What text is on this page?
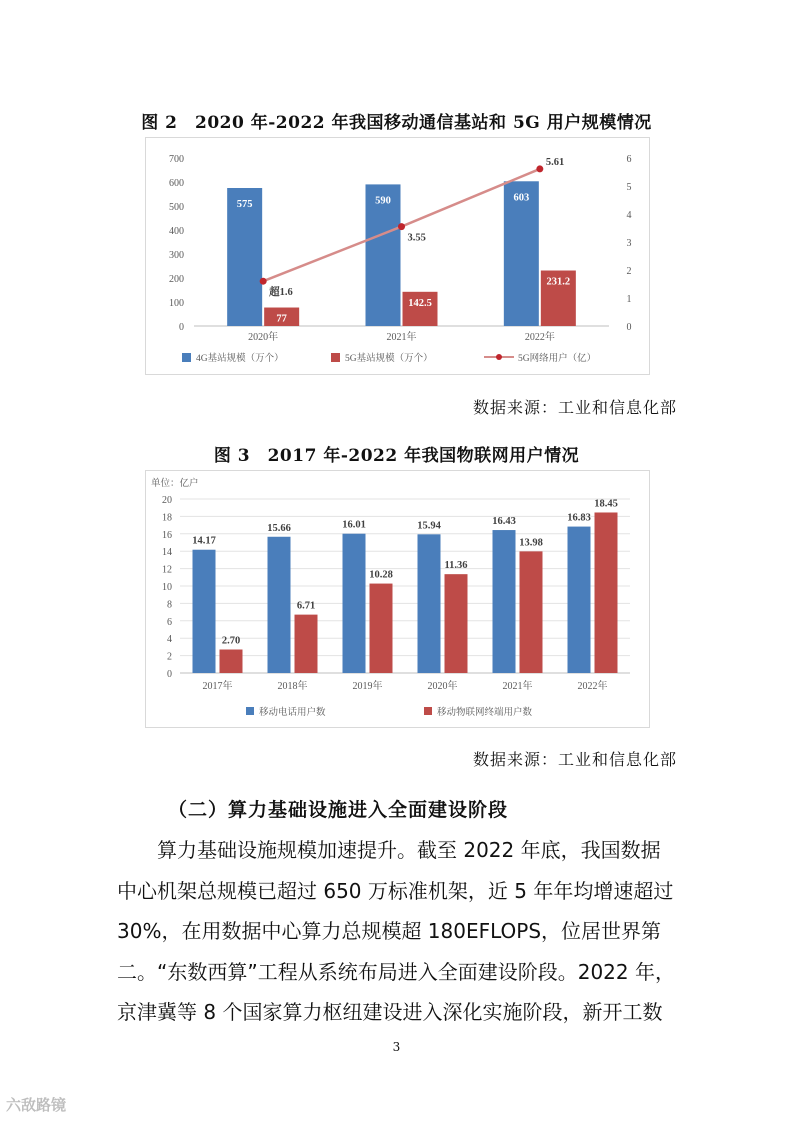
图 2　2020 年-2022 年我国移动通信基站和 5G 用户规模情况
0
100
200
300
400
500
600
700
0
1
2
3
4
5
6
2020年
575
77
2021年
590
142.5
2022年
603
231.2
超1.6
3.55
5.61
4G基站规模（万个）	5G基站规模（万个）	5G网络用户（亿）
数据来源：工业和信息化部
图 3　2017 年-2022 年我国物联网用户情况
单位：亿户
0
2
4
6
8
10
12
14
16
18
20
2017年
14.17
2.70
2018年
15.66
6.71
2019年
16.01
10.28
2020年
15.94
11.36
2021年
16.43
13.98
2022年
16.83
18.45
移动电话用户数	移动物联网终端用户数
数据来源：工业和信息化部
（二）算力基础设施进入全面建设阶段
算力基础设施规模加速提升。截至 2022 年底，我国数据
中心机架总规模已超过 650 万标准机架，近 5 年年均增速超过
30%，在用数据中心算力总规模超 180EFLOPS，位居世界第
二。“东数西算”工程从系统布局进入全面建设阶段。2022 年，
京津冀等 8 个国家算力枢纽建设进入深化实施阶段，新开工数
3
六敌路镜
